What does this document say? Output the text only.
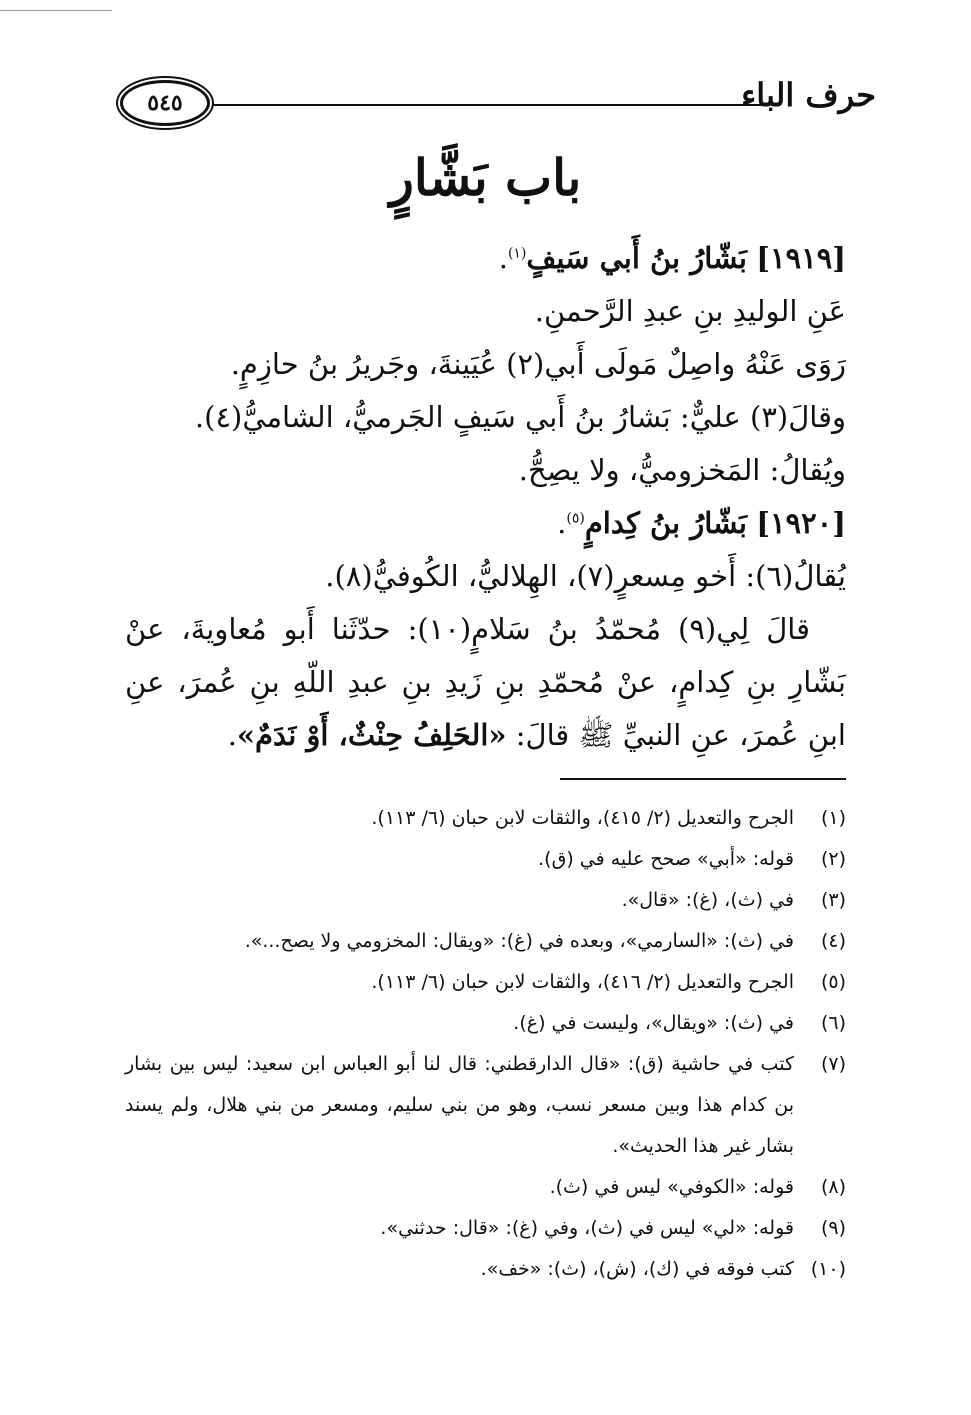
حرف الباء
٥٤٥
باب بَشَّارٍ

[١٩١٩] بَشّارُ بنُ أَبي سَيفٍ$^{(١)}$.

عَنِ الوليدِ بنِ عبدِ الرَّحمنِ.

رَوَى عَنْهُ واصِلٌ مَولَى أَبي(٢) عُيَينةَ، وجَريرُ بنُ حازِمٍ.

وقالَ(٣) عليٌّ: بَشارُ بنُ أَبي سَيفٍ الجَرميُّ، الشاميُّ(٤).

ويُقالُ: المَخزوميُّ، ولا يصِحُّ.

[١٩٢٠] بَشّارُ بنُ كِدامٍ$^{(٥)}$.

يُقالُ(٦): أَخو مِسعرٍ(٧)، الهِلاليُّ، الكُوفيُّ(٨).

قالَ لِي(٩) مُحمّدُ بنُ سَلامٍ(١٠): حدّثَنا أَبو مُعاويةَ، عنْ بَشّارِ بنِ كِدامٍ، عنْ مُحمّدِ بنِ زَيدِ بنِ عبدِ اللّهِ بنِ عُمرَ، عنِ ابنِ عُمرَ، عنِ النبيِّ ﷺ قالَ: «الحَلِفُ حِنْثٌ، أَوْ نَدَمٌ».

(١)
الجرح والتعديل (٢/ ٤١٥)، والثقات لابن حبان (٦/ ١١٣).
(٢)
قوله: «أبي» صحح عليه في (ق).
(٣)
في (ث)، (غ): «قال».
(٤)
في (ث): «السارمي»، وبعده في (غ): «ويقال: المخزومي ولا يصح...».
(٥)
الجرح والتعديل (٢/ ٤١٦)، والثقات لابن حبان (٦/ ١١٣).
(٦)
في (ث): «ويقال»، وليست في (غ).
(٧)
كتب في حاشية (ق): «قال الدارقطني: قال لنا أبو العباس ابن سعيد: ليس بين بشار بن كدام هذا وبين مسعر نسب، وهو من بني سليم، ومسعر من بني هلال، ولم يسند بشار غير هذا الحديث».
(٨)
قوله: «الكوفي» ليس في (ث).
(٩)
قوله: «لي» ليس في (ث)، وفي (غ): «قال: حدثني».
(١٠)
كتب فوقه في (ك)، (ش)، (ث): «خف».
